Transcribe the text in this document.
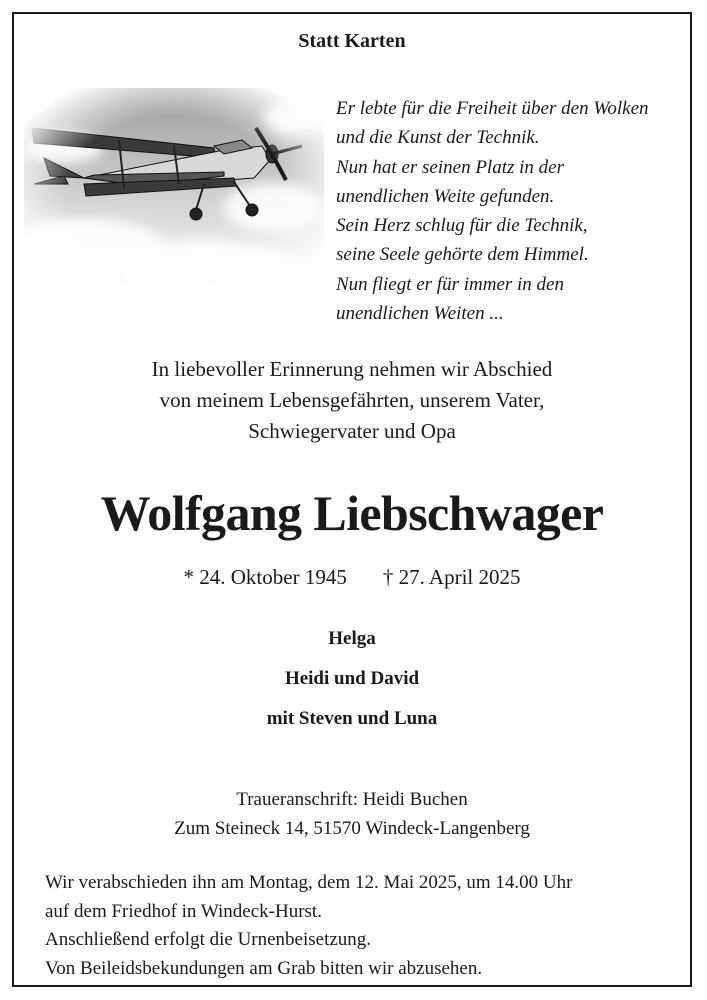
Statt Karten
Er lebte für die Freiheit über den Wolken
und die Kunst der Technik.
Nun hat er seinen Platz in der
unendlichen Weite gefunden.
Sein Herz schlug für die Technik,
seine Seele gehörte dem Himmel.
Nun fliegt er für immer in den
unendlichen Weiten ...
In liebevoller Erinnerung nehmen wir Abschied
von meinem Lebensgefährten, unserem Vater,
Schwiegervater und Opa
Wolfgang Liebschwager
* 24. Oktober 1945 † 27. April 2025
Helga
Heidi und David
mit Steven und Luna
Traueranschrift: Heidi Buchen
Zum Steineck 14, 51570 Windeck-Langenberg
Wir verabschieden ihn am Montag, dem 12. Mai 2025, um 14.00 Uhr
auf dem Friedhof in Windeck-Hurst.
Anschließend erfolgt die Urnenbeisetzung.
Von Beileidsbekundungen am Grab bitten wir abzusehen.
